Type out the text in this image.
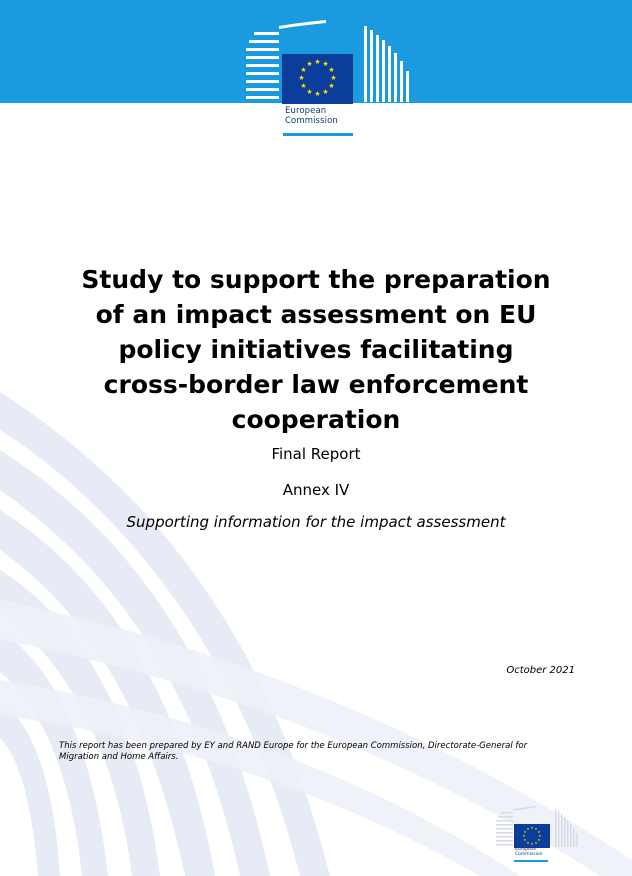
★ ★
★
★
★
★
★
★
★
★
★
★
European
Commission
Study to support the preparation
of an impact assessment on EU
policy initiatives facilitating
cross-border law enforcement
cooperation
Final Report
Annex IV
Supporting information for the impact assessment
October 2021
This report has been prepared by EY and RAND Europe for the European Commission, Directorate-General for Migration and Home Affairs.
★ ★
★
★
★
★
★
★
★
★
★
★
European
Commission
